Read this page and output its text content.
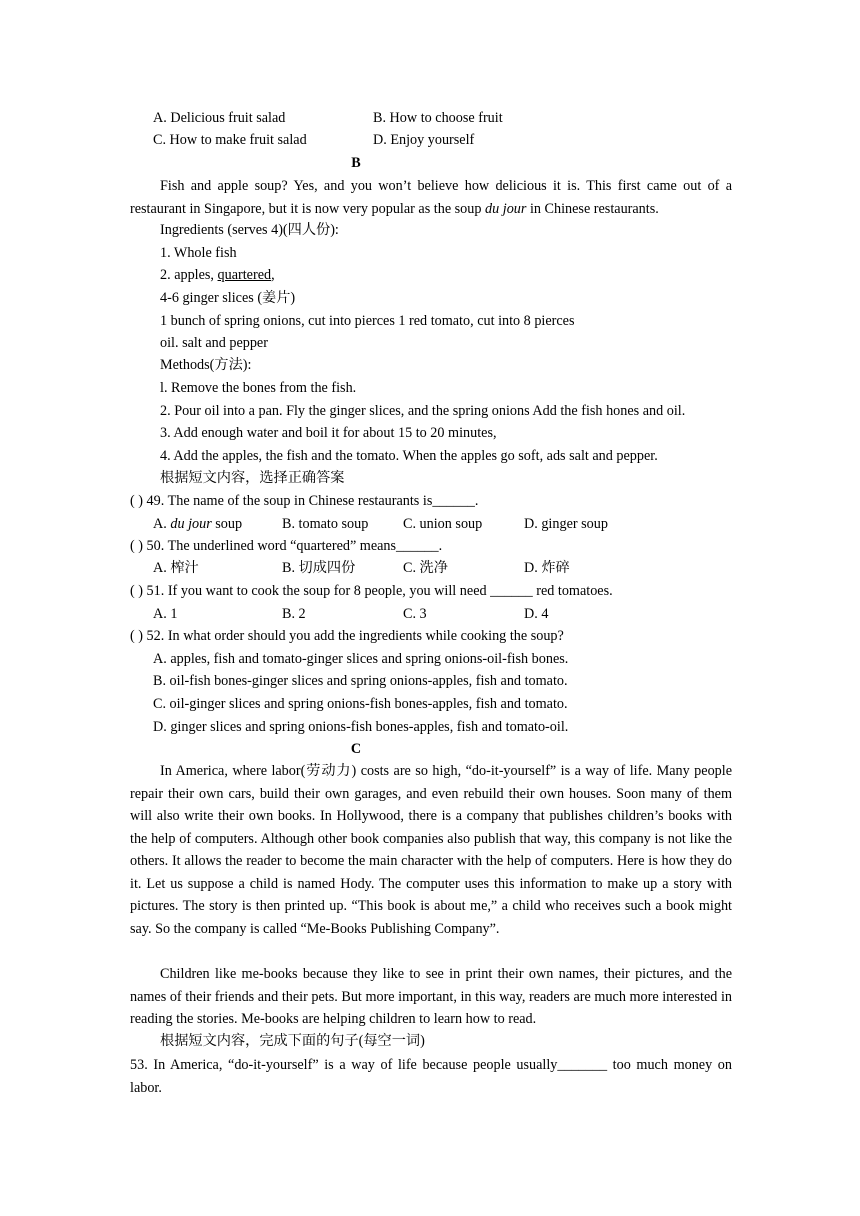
A. Delicious fruit salad	B. How to choose fruit
C. How to make fruit salad	D. Enjoy yourself
B
Fish and apple soup? Yes, and you won’t believe how delicious it is. This first came out of a restaurant in Singapore, but it is now very popular as the soup du jour in Chinese restaurants.
Ingredients (serves 4)(四人份):
1. Whole fish
2. apples, quartered,
4-6 ginger slices (姜片)
1 bunch of spring onions, cut into pierces 1 red tomato, cut into 8 pierces
oil. salt and pepper
Methods(方法):
l. Remove the bones from the fish.
2. Pour oil into a pan. Fly the ginger slices, and the spring onions Add the fish hones and oil.
3. Add enough water and boil it for about 15 to 20 minutes,
4. Add the apples, the fish and the tomato. When the apples go soft, ads salt and pepper.
根据短文内容，选择正确答案
( ) 49. The name of the soup in Chinese restaurants is______.
A. du jour soup	B. tomato soup C. union soup	D. ginger soup
( ) 50. The underlined word “quartered” means______.
A. 榨汁	B. 切成四份	C. 洗净	D. 炸碎
( ) 51. If you want to cook the soup for 8 people, you will need ______ red tomatoes.
A. 1	B. 2	C. 3	D. 4
( ) 52. In what order should you add the ingredients while cooking the soup?
A. apples, fish and tomato-ginger slices and spring onions-oil-fish bones.
B. oil-fish bones-ginger slices and spring onions-apples, fish and tomato.
C. oil-ginger slices and spring onions-fish bones-apples, fish and tomato.
D. ginger slices and spring onions-fish bones-apples, fish and tomato-oil.
C
In America, where labor(劳动力) costs are so high, “do-it-yourself” is a way of life. Many people repair their own cars, build their own garages, and even rebuild their own houses. Soon many of them will also write their own books. In Hollywood, there is a company that publishes children’s books with the help of computers. Although other book companies also publish that way, this company is not like the others. It allows the reader to become the main character with the help of computers. Here is how they do it. Let us suppose a child is named Hody. The computer uses this information to make up a story with pictures. The story is then printed up. “This book is about me,” a child who receives such a book might say. So the company is called “Me-Books Publishing Company”.
Children like me-books because they like to see in print their own names, their pictures, and the names of their friends and their pets. But more important, in this way, readers are much more interested in reading the stories. Me-books are helping children to learn how to read.
根据短文内容，完成下面的句子(每空一词)
53. In America, “do-it-yourself” is a way of life because people usually_______ too much money on labor.
